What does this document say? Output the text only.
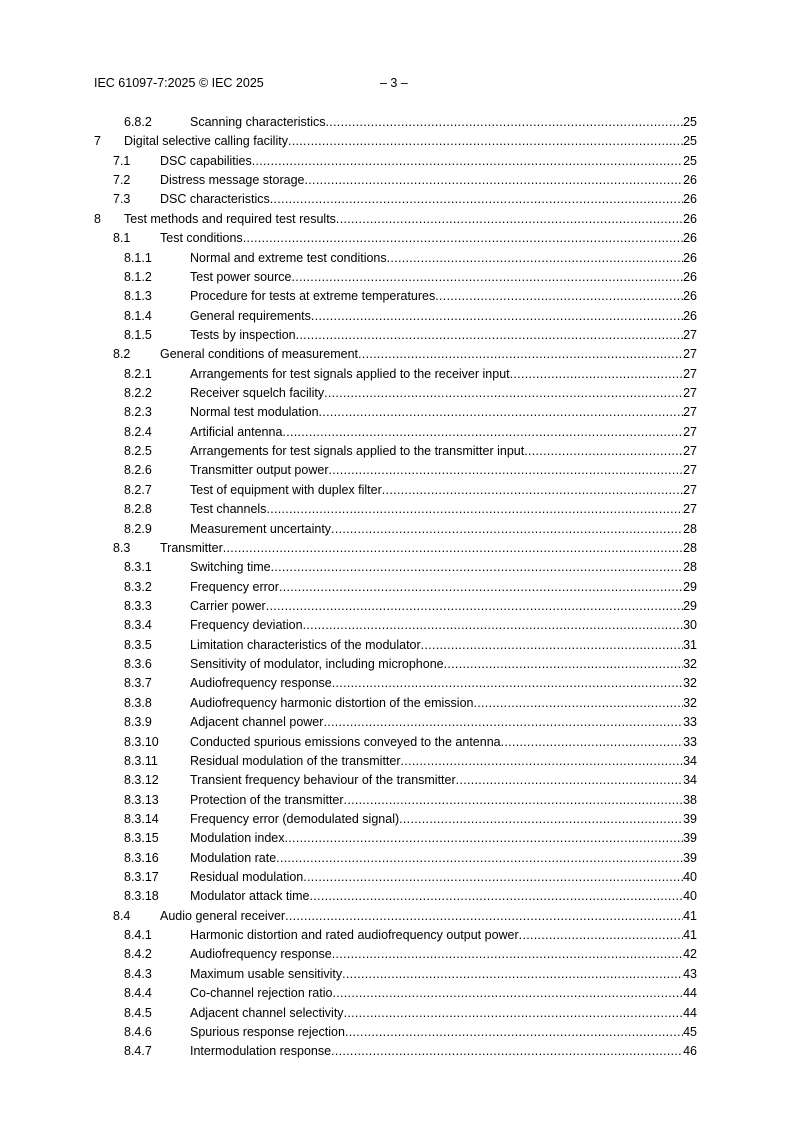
IEC 61097-7:2025 © IEC 2025	– 3 –
6.8.2	Scanning characteristics .....	25
7 Digital selective calling facility .....	25
7.1 DSC capabilities .....	25
7.2 Distress message storage .....	26
7.3 DSC characteristics .....	26
8 Test methods and required test results .....	26
8.1 Test conditions .....	26
8.1.1	Normal and extreme test conditions .....	26
8.1.2	Test power source .....	26
8.1.3	Procedure for tests at extreme temperatures .....	26
8.1.4	General requirements .....	26
8.1.5	Tests by inspection .....	27
8.2 General conditions of measurement .....	27
8.2.1	Arrangements for test signals applied to the receiver input .....	27
8.2.2	Receiver squelch facility .....	27
8.2.3	Normal test modulation .....	27
8.2.4	Artificial antenna .....	27
8.2.5	Arrangements for test signals applied to the transmitter input .....	27
8.2.6	Transmitter output power .....	27
8.2.7	Test of equipment with duplex filter .....	27
8.2.8	Test channels .....	27
8.2.9	Measurement uncertainty .....	28
8.3 Transmitter .....	28
8.3.1	Switching time .....	28
8.3.2	Frequency error .....	29
8.3.3	Carrier power .....	29
8.3.4	Frequency deviation .....	30
8.3.5	Limitation characteristics of the modulator .....	31
8.3.6	Sensitivity of modulator, including microphone .....	32
8.3.7	Audiofrequency response .....	32
8.3.8	Audiofrequency harmonic distortion of the emission .....	32
8.3.9	Adjacent channel power .....	33
8.3.10 Conducted spurious emissions conveyed to the antenna .....	33
8.3.11	Residual modulation of the transmitter .....	34
8.3.12 Transient frequency behaviour of the transmitter .....	34
8.3.13 Protection of the transmitter .....	38
8.3.14 Frequency error (demodulated signal) .....	39
8.3.15 Modulation index .....	39
8.3.16 Modulation rate .....	39
8.3.17 Residual modulation .....	40
8.3.18 Modulator attack time .....	40
8.4 Audio general receiver .....	41
8.4.1	Harmonic distortion and rated audiofrequency output power .....	41
8.4.2	Audiofrequency response .....	42
8.4.3	Maximum usable sensitivity .....	43
8.4.4	Co-channel rejection ratio .....	44
8.4.5	Adjacent channel selectivity .....	44
8.4.6	Spurious response rejection .....	45
8.4.7	Intermodulation response .....	46
